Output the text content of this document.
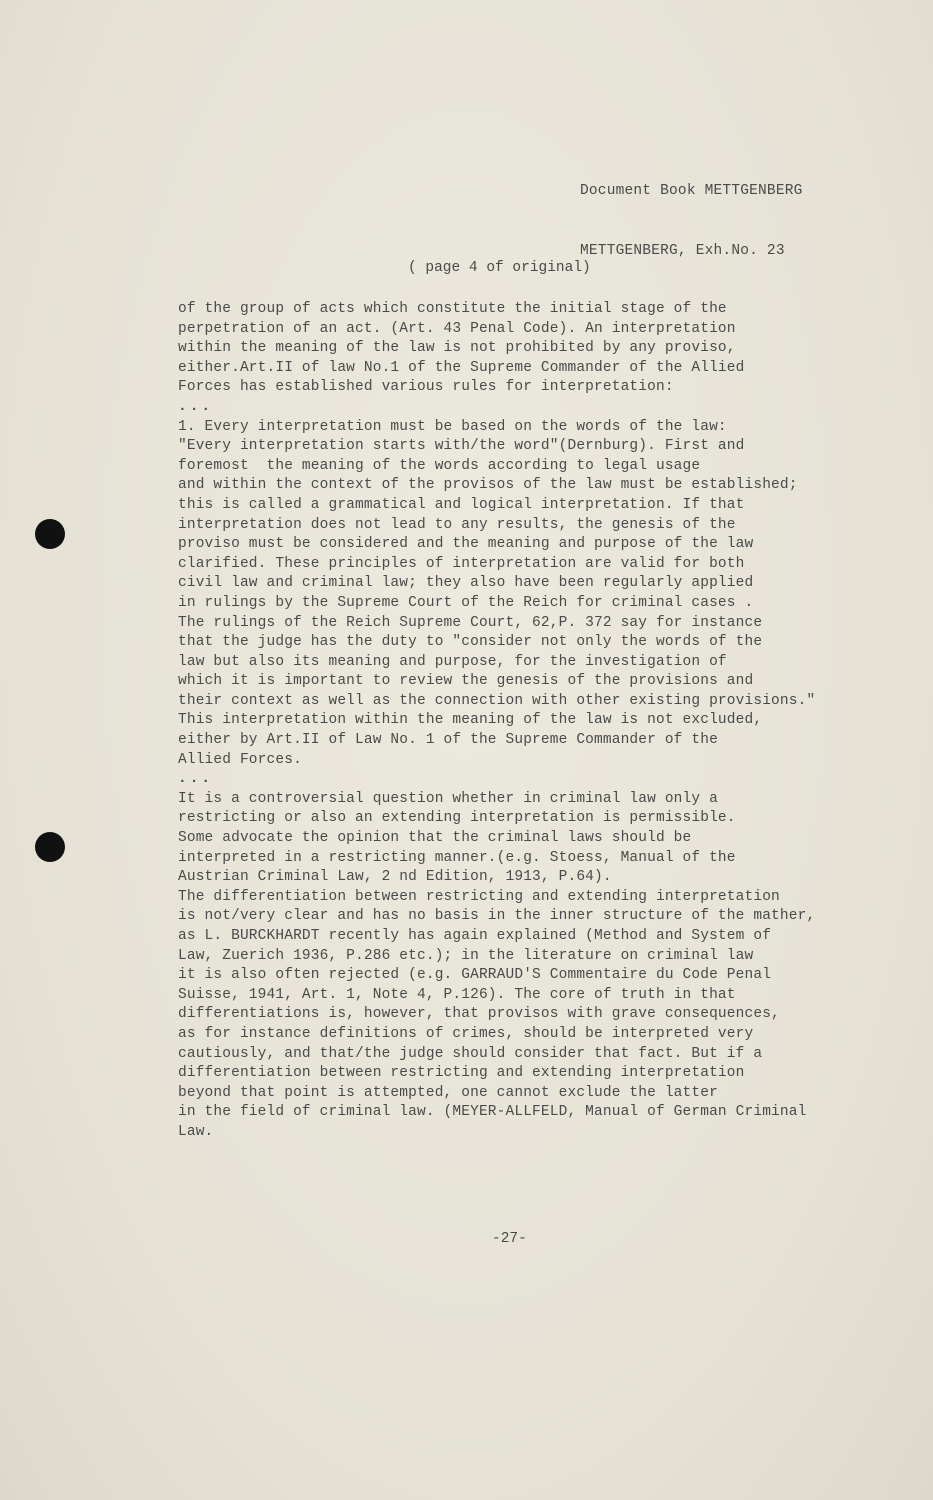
Document Book METTGENBERG

METTGENBERG, Exh.No. 23

( page 4 of original)
of the group of acts which constitute the initial stage of the
perpetration of an act. (Art. 43 Penal Code). An interpretation
within the meaning of the law is not prohibited by any proviso,
either.Art.II of law No.1 of the Supreme Commander of the Allied
Forces has established various rules for interpretation:
...
1. Every interpretation must be based on the words of the law:
"Every interpretation starts with/the word"(Dernburg). First and
foremost  the meaning of the words according to legal usage
and within the context of the provisos of the law must be established;
this is called a grammatical and logical interpretation. If that
interpretation does not lead to any results, the genesis of the
proviso must be considered and the meaning and purpose of the law
clarified. These principles of interpretation are valid for both
civil law and criminal law; they also have been regularly applied
in rulings by the Supreme Court of the Reich for criminal cases .
The rulings of the Reich Supreme Court, 62,P. 372 say for instance
that the judge has the duty to "consider not only the words of the
law but also its meaning and purpose, for the investigation of
which it is important to review the genesis of the provisions and
their context as well as the connection with other existing provisions."
This interpretation within the meaning of the law is not excluded,
either by Art.II of Law No. 1 of the Supreme Commander of the
Allied Forces.
...
It is a controversial question whether in criminal law only a
restricting or also an extending interpretation is permissible.
Some advocate the opinion that the criminal laws should be
interpreted in a restricting manner.(e.g. Stoess, Manual of the
Austrian Criminal Law, 2 nd Edition, 1913, P.64).
The differentiation between restricting and extending interpretation
is not/very clear and has no basis in the inner structure of the mather,
as L. BURCKHARDT recently has again explained (Method and System of
Law, Zuerich 1936, P.286 etc.); in the literature on criminal law
it is also often rejected (e.g. GARRAUD'S Commentaire du Code Penal
Suisse, 1941, Art. 1, Note 4, P.126). The core of truth in that
differentiations is, however, that provisos with grave consequences,
as for instance definitions of crimes, should be interpreted very
cautiously, and that/the judge should consider that fact. But if a
differentiation between restricting and extending interpretation
beyond that point is attempted, one cannot exclude the latter
in the field of criminal law. (MEYER-ALLFELD, Manual of German Criminal
Law.
-27-
